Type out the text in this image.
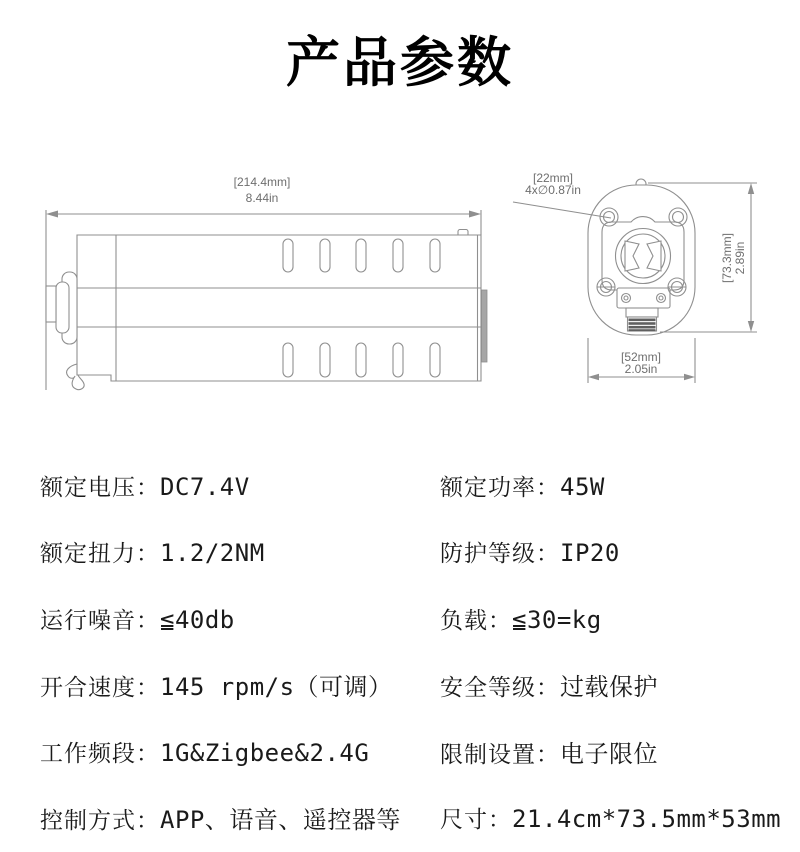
产品参数
[214.4mm]
8.44in
[22mm]
4x∅0.87in
[73.3mm] 2.89in
[52mm]
2.05in
额定电压：DC7.4V	额定功率：45W
额定扭力：1.2/2NM	防护等级：IP20
运行噪音：≦40db	负载：≦30=kg
开合速度：145 rpm/s（可调）	安全等级：过载保护
工作频段：1G&Zigbee&2.4G	限制设置：电子限位
控制方式：APP、语音、遥控器等	尺寸：21.4cm*73.5mm*53mm
